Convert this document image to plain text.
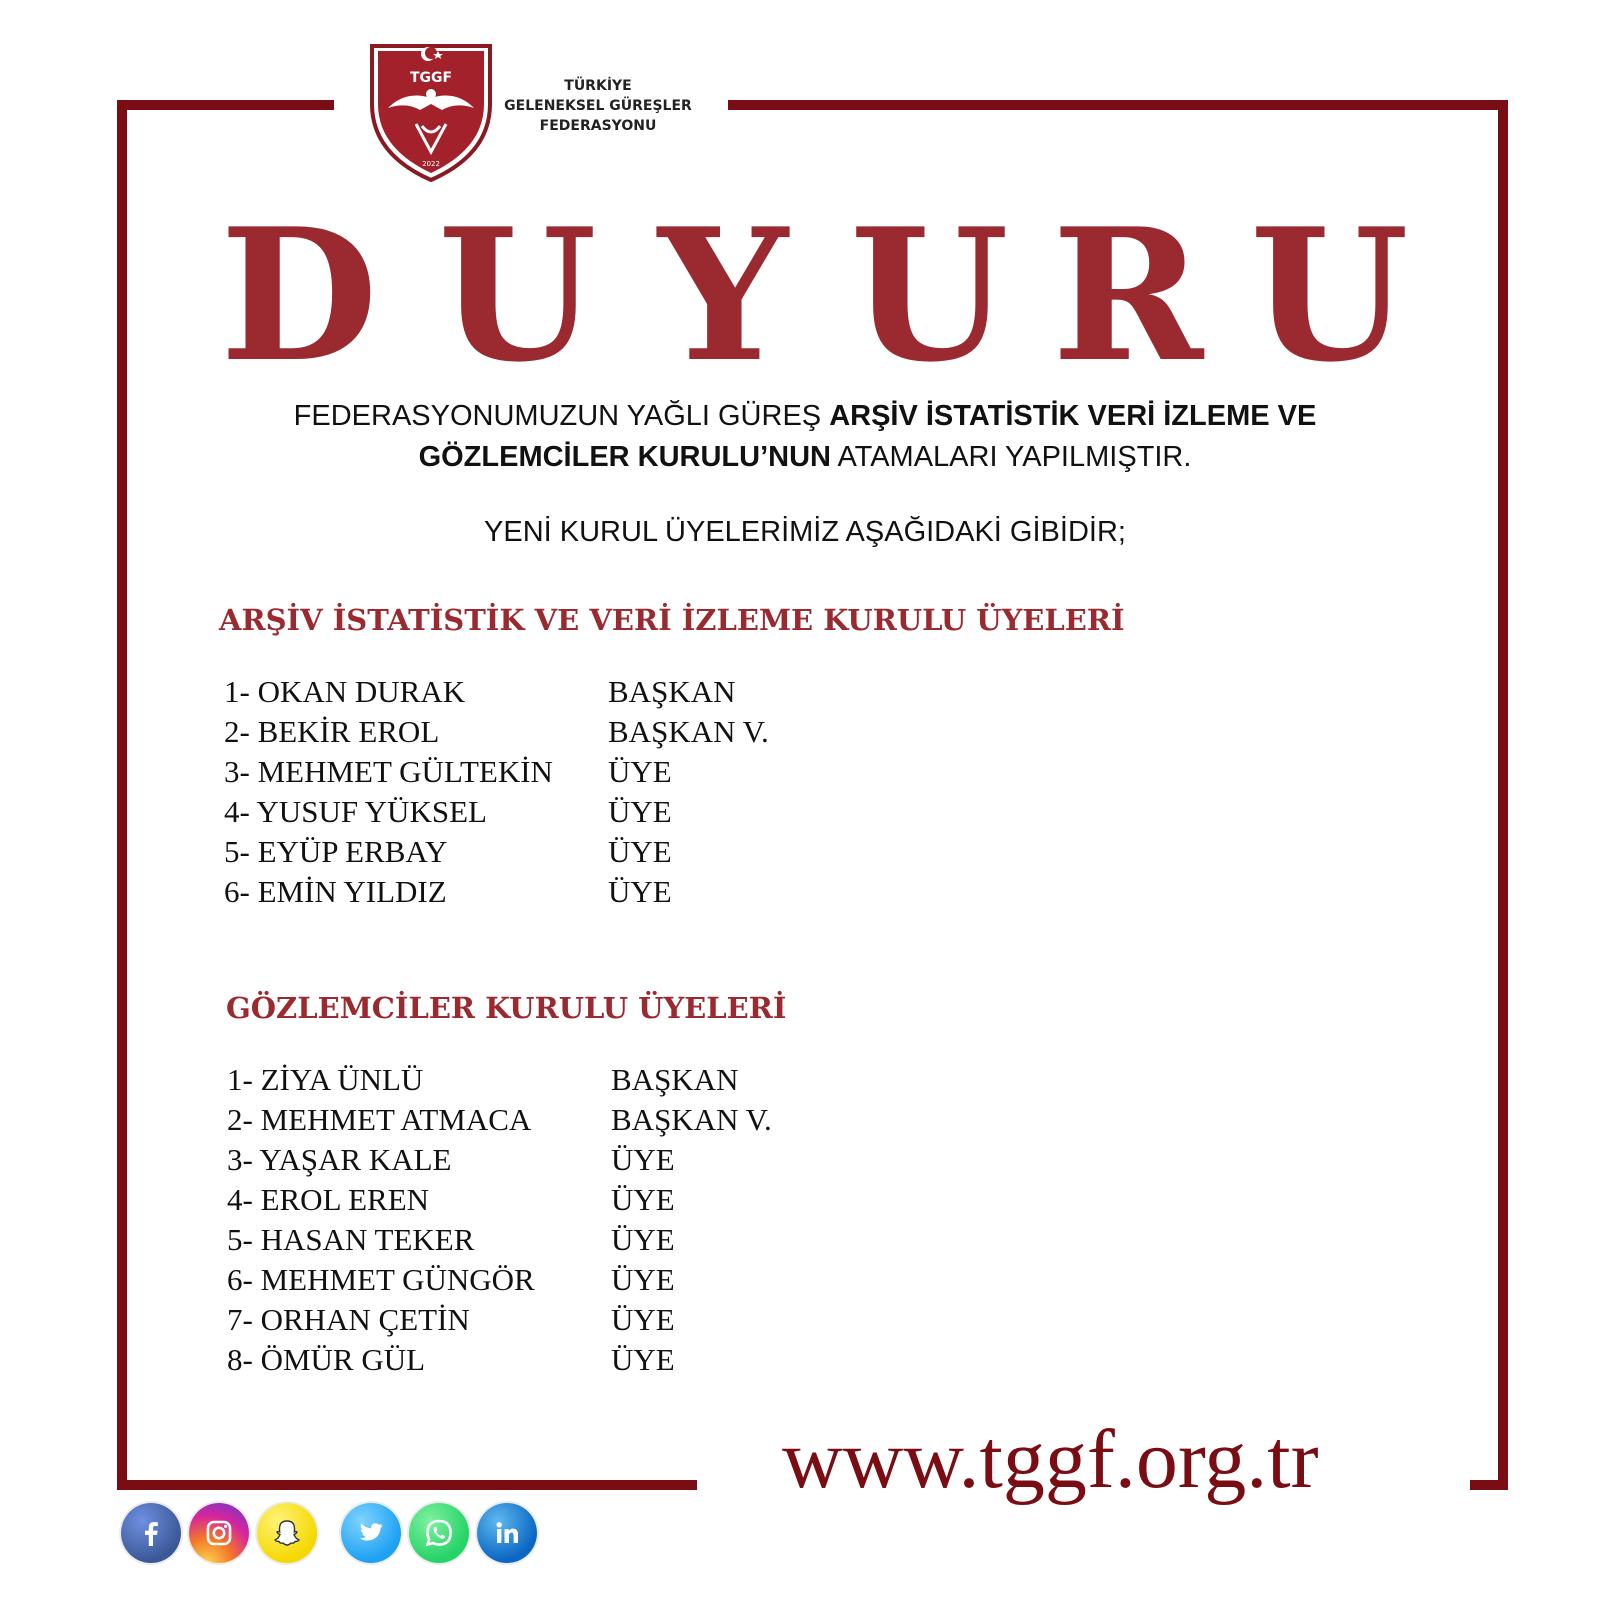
TGGF
2022
TÜRKİYE
GELENEKSEL GÜREŞLER
FEDERASYONU
D U Y U R U
FEDERASYONUMUZUN YAĞLI GÜREŞ ARŞİV İSTATİSTİK VERİ İZLEME VE
GÖZLEMCİLER KURULU’NUN ATAMALARI YAPILMIŞTIR.
YENİ KURUL ÜYELERİMİZ AŞAĞIDAKİ GİBİDİR;
ARŞİV İSTATİSTİK VE VERİ İZLEME KURULU ÜYELERİ
1- OKAN DURAK	BAŞKAN
2- BEKİR EROL	BAŞKAN V.
3- MEHMET GÜLTEKİN ÜYE
4- YUSUF YÜKSEL	ÜYE
5- EYÜP ERBAY	ÜYE
6- EMİN YILDIZ	ÜYE
GÖZLEMCİLER KURULU ÜYELERİ
1- ZİYA ÜNLÜ	BAŞKAN
2- MEHMET ATMACA	BAŞKAN V.
3- YAŞAR KALE	ÜYE
4- EROL EREN	ÜYE
5- HASAN TEKER	ÜYE
6- MEHMET GÜNGÖR ÜYE
7- ORHAN ÇETİN	ÜYE
8- ÖMÜR GÜL	ÜYE
www.tggf.org.tr
